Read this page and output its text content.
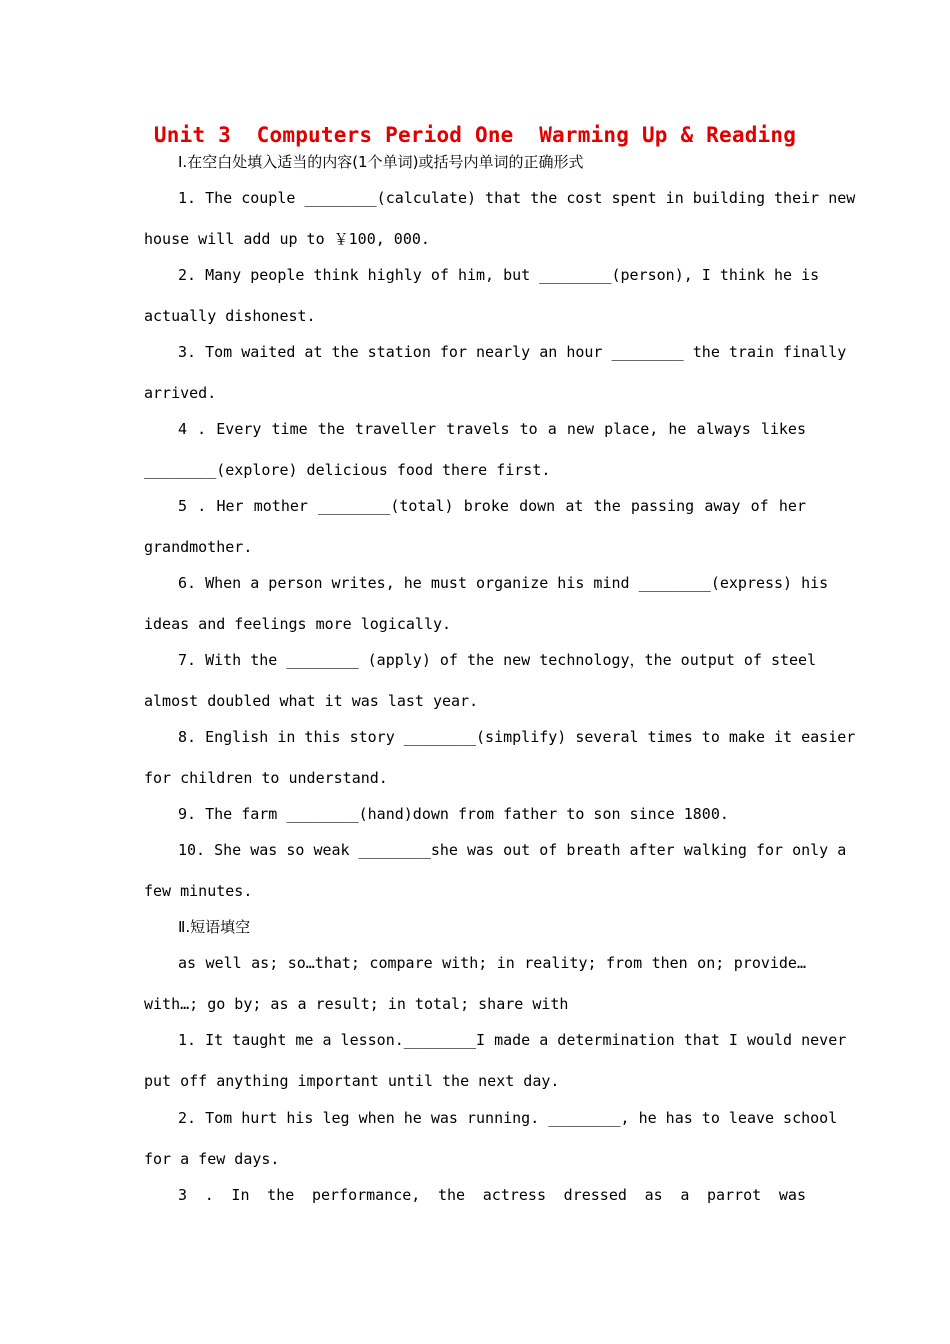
Unit 3  Computers Period One  Warming Up & Reading
Ⅰ.在空白处填入适当的内容(1个单词)或括号内单词的正确形式
1. The couple ________(calculate) that the cost spent in building their new
house will add up to ￥100, 000.
2. Many people think highly of him, but ________(person), I think he is
actually dishonest.
3. Tom waited at the station for nearly an hour ________ the train finally
arrived.
4 . Every time the traveller travels to a new place, he always likes
________(explore) delicious food there first.
5 . Her mother ________(total) broke down at the passing away of her
grandmother.
6. When a person writes, he must organize his mind ________(express) his
ideas and feelings more logically.
7. With the ________ (apply) of the new technology，the output of steel
almost doubled what it was last year.
8. English in this story ________(simplify) several times to make it easier
for children to understand.
9. The farm ________(hand)down from father to son since 1800.
10. She was so weak ________she was out of breath after walking for only a
few minutes.
Ⅱ.短语填空
as well as; so…that; compare with; in reality; from then on; provide…
with…; go by; as a result; in total; share with
1. It taught me a lesson.________I made a determination that I would never
put off anything important until the next day.
2. Tom hurt his leg when he was running. ________, he has to leave school
for a few days.
3 . In the performance, the actress dressed as a parrot was
